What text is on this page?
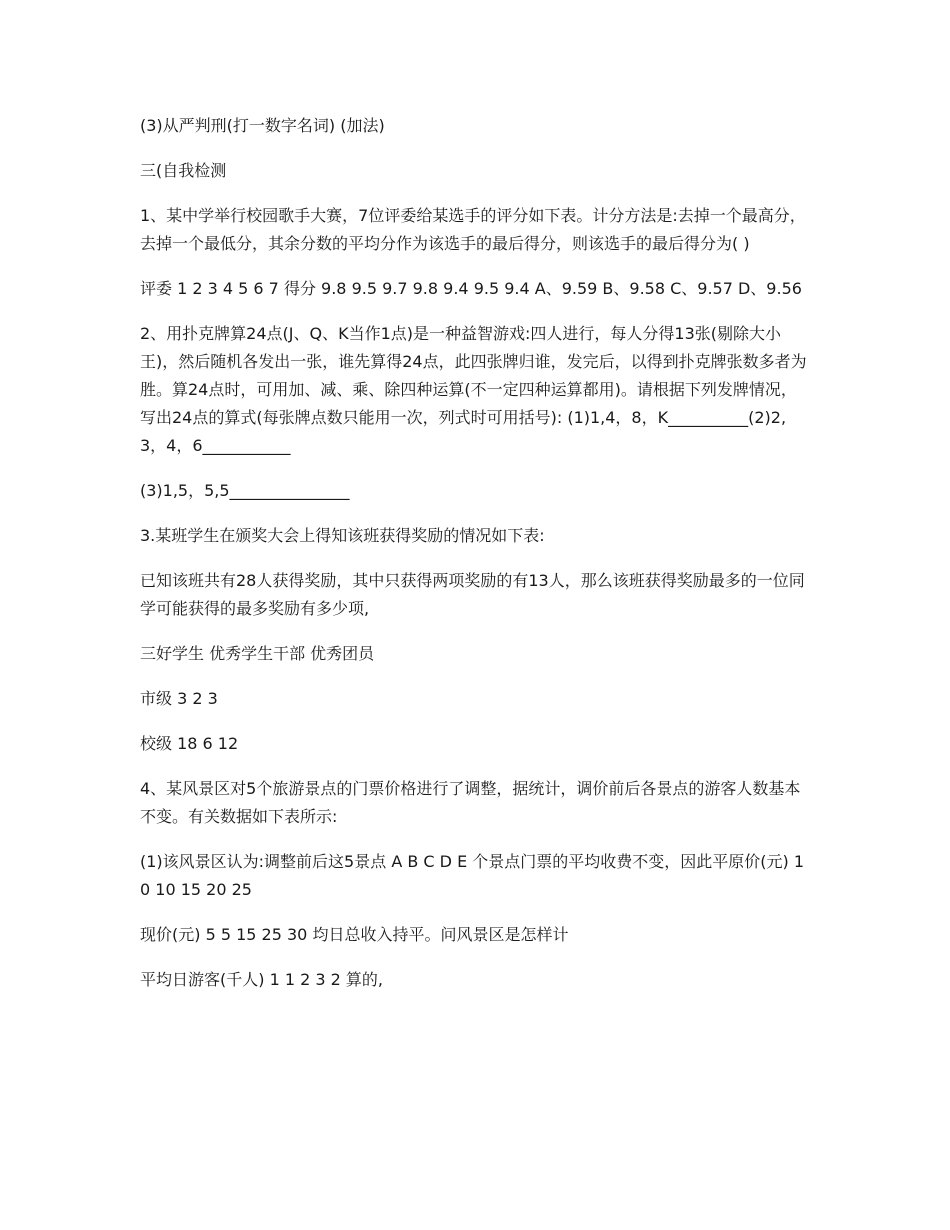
(3)从严判刑(打一数字名词) (加法)

三(自我检测

1、某中学举行校园歌手大赛，7位评委给某选手的评分如下表。计分方法是:去掉一个最高分，去掉一个最低分，其余分数的平均分作为该选手的最后得分，则该选手的最后得分为( )

评委 1 2 3 4 5 6 7 得分 9.8 9.5 9.7 9.8 9.4 9.5 9.4 A、9.59 B、9.58 C、9.57 D、9.56

2、用扑克牌算24点(J、Q、K当作1点)是一种益智游戏:四人进行，每人分得13张(剔除大小王)，然后随机各发出一张，谁先算得24点，此四张牌归谁，发完后，以得到扑克牌张数多者为胜。算24点时，可用加、减、乘、除四种运算(不一定四种运算都用)。请根据下列发牌情况，写出24点的算式(每张牌点数只能用一次，列式时可用括号): (1)1,4，8，K__________(2)2,3，4，6___________

(3)1,5，5,5_______________

3.某班学生在颁奖大会上得知该班获得奖励的情况如下表:

已知该班共有28人获得奖励，其中只获得两项奖励的有13人，那么该班获得奖励最多的一位同学可能获得的最多奖励有多少项,

三好学生 优秀学生干部 优秀团员

市级 3 2 3

校级 18 6 12

4、某风景区对5个旅游景点的门票价格进行了调整，据统计，调价前后各景点的游客人数基本不变。有关数据如下表所示:

(1)该风景区认为:调整前后这5景点 A B C D E 个景点门票的平均收费不变，因此平原价(元) 10 10 15 20 25

现价(元) 5 5 15 25 30 均日总收入持平。问风景区是怎样计

平均日游客(千人) 1 1 2 3 2 算的,
